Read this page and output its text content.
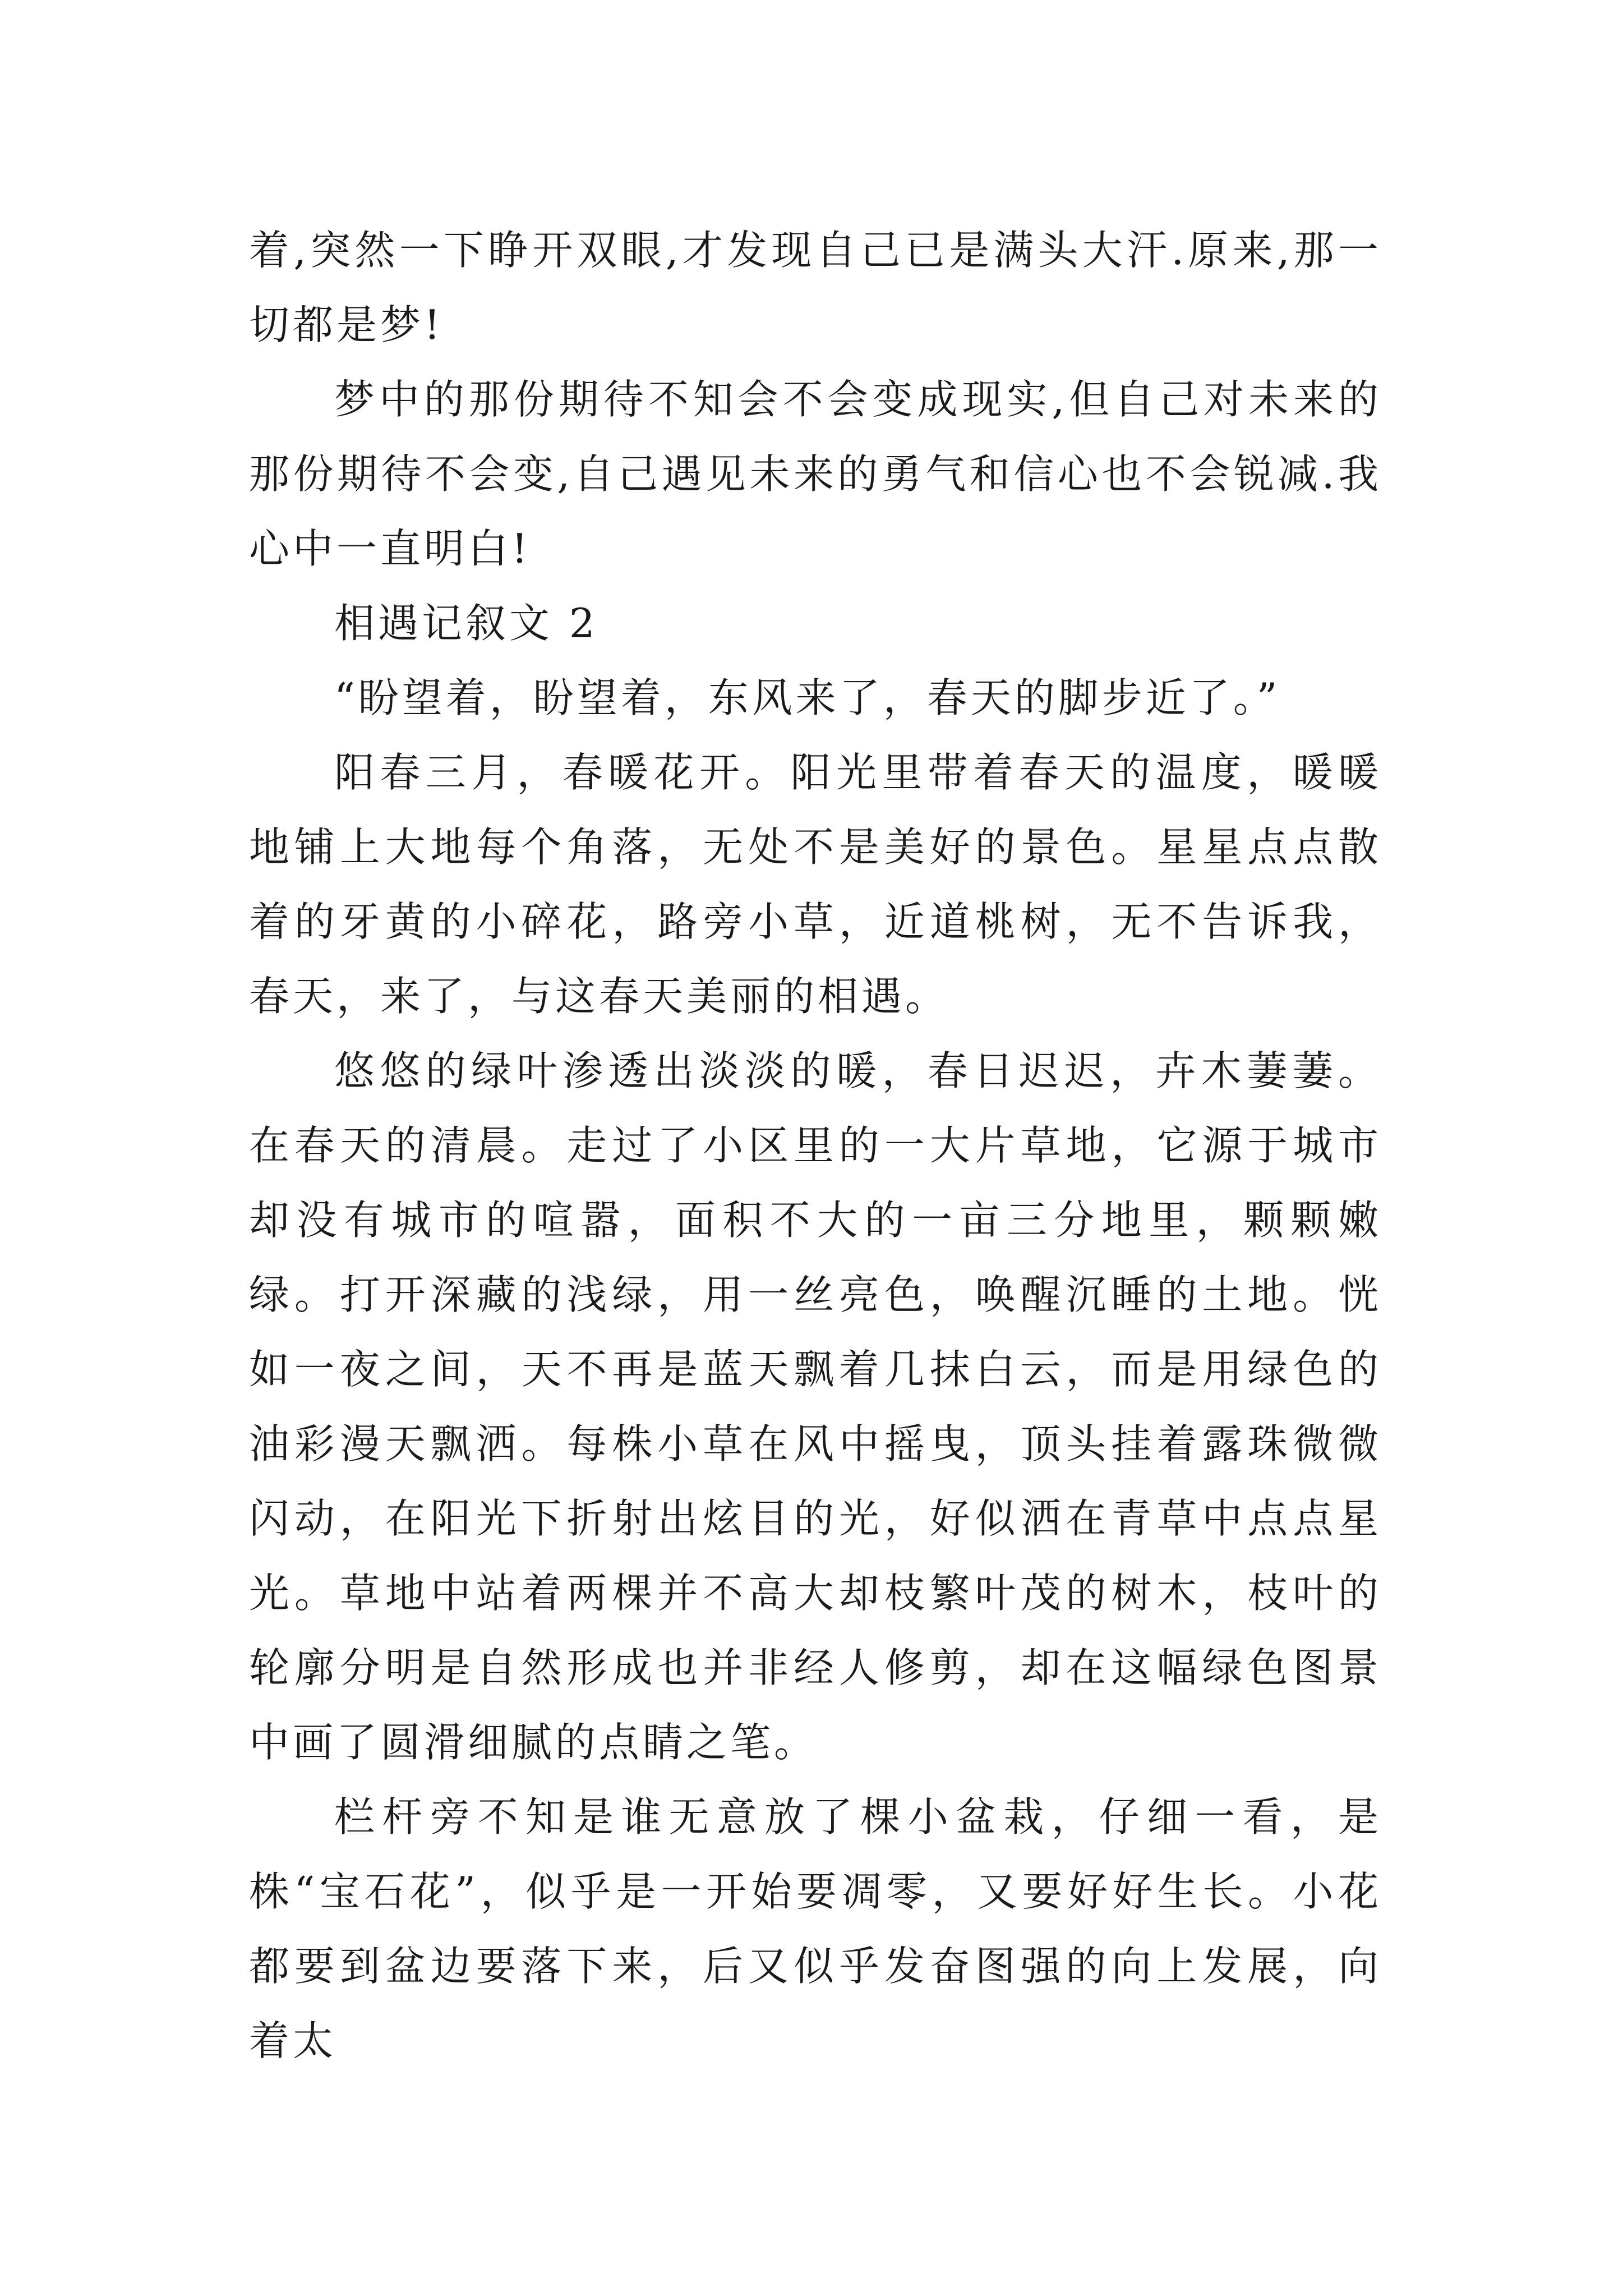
着,突然一下睁开双眼,才发现自己已是满头大汗.原来,那一切都是梦!

梦中的那份期待不知会不会变成现实,但自己对未来的那份期待不会变,自己遇见未来的勇气和信心也不会锐减.我心中一直明白!

相遇记叙文 2

“盼望着，盼望着，东风来了，春天的脚步近了。”

阳春三月，春暖花开。阳光里带着春天的温度，暖暖地铺上大地每个角落，无处不是美好的景色。星星点点散着的牙黄的小碎花，路旁小草，近道桃树，无不告诉我，春天，来了，与这春天美丽的相遇。

悠悠的绿叶渗透出淡淡的暖，春日迟迟，卉木萋萋。在春天的清晨。走过了小区里的一大片草地，它源于城市却没有城市的喧嚣，面积不大的一亩三分地里，颗颗嫩绿。打开深藏的浅绿，用一丝亮色，唤醒沉睡的土地。恍如一夜之间，天不再是蓝天飘着几抹白云，而是用绿色的油彩漫天飘洒。每株小草在风中摇曳，顶头挂着露珠微微闪动，在阳光下折射出炫目的光，好似洒在青草中点点星光。草地中站着两棵并不高大却枝繁叶茂的树木，枝叶的轮廓分明是自然形成也并非经人修剪，却在这幅绿色图景中画了圆滑细腻的点睛之笔。

栏杆旁不知是谁无意放了棵小盆栽，仔细一看，是株“宝石花”，似乎是一开始要凋零，又要好好生长。小花都要到盆边要落下来，后又似乎发奋图强的向上发展，向着太
